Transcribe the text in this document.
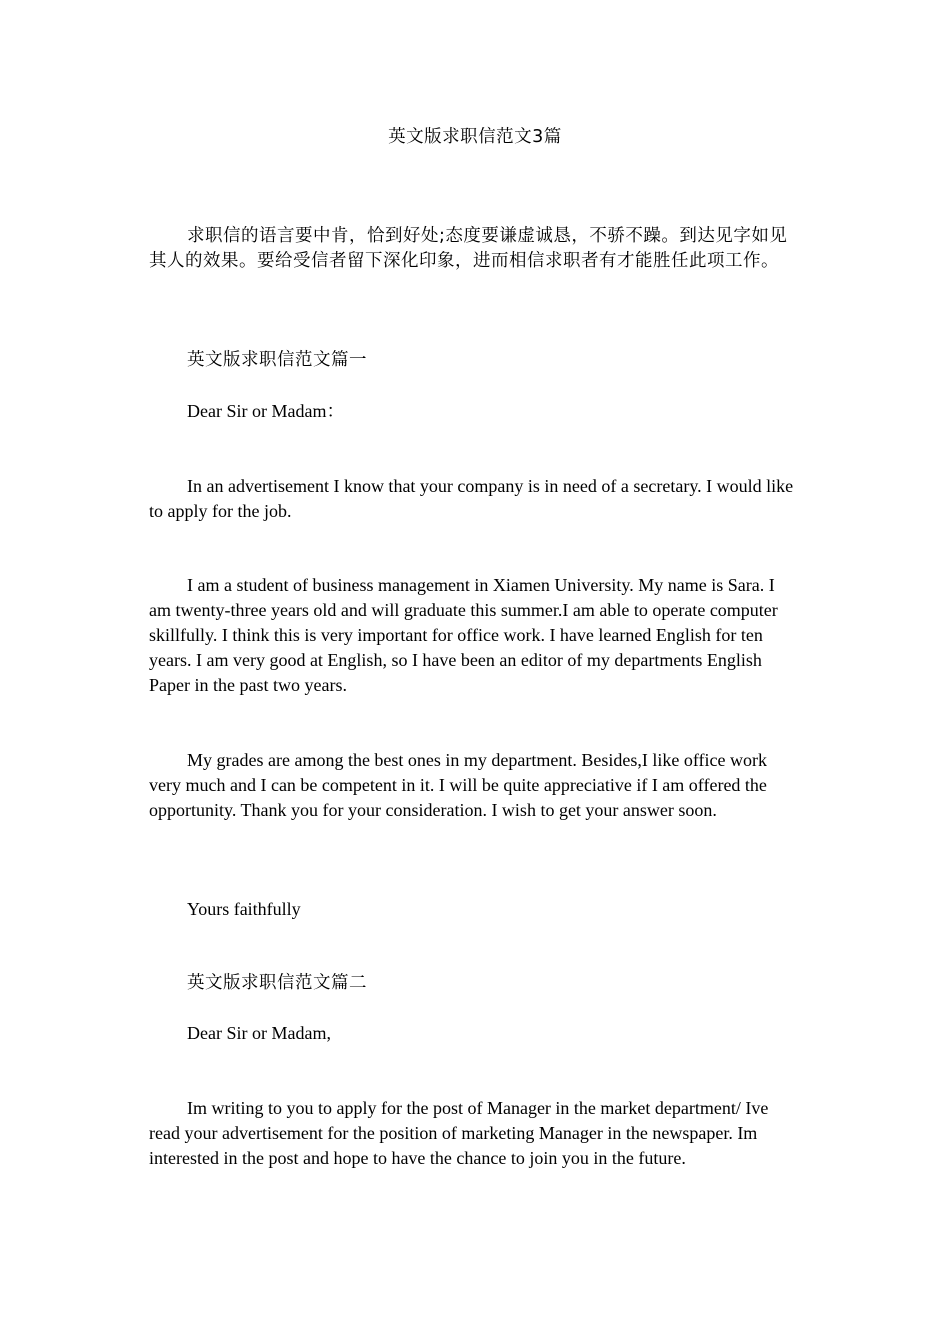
英文版求职信范文3篇

求职信的语言要中肯，恰到好处;态度要谦虚诚恳，不骄不躁。到达见字如见其人的效果。要给受信者留下深化印象，进而相信求职者有才能胜任此项工作。

英文版求职信范文篇一

Dear Sir or Madam：

In an advertisement I know that your company is in need of a secretary. I would like to apply for the job.

I am a student of business management in Xiamen University. My name is Sara. I am twenty-three years old and will graduate this summer.I am able to operate computer skillfully. I think this is very important for office work. I have learned English for ten years. I am very good at English, so I have been an editor of my departments English Paper in the past two years.

My grades are among the best ones in my department. Besides,I like office work very much and I can be competent in it. I will be quite appreciative if I am offered the opportunity. Thank you for your consideration. I wish to get your answer soon.

Yours faithfully

英文版求职信范文篇二

Dear Sir or Madam,

Im writing to you to apply for the post of Manager in the market department/ Ive read your advertisement for the position of marketing Manager in the newspaper. Im interested in the post and hope to have the chance to join you in the future.
